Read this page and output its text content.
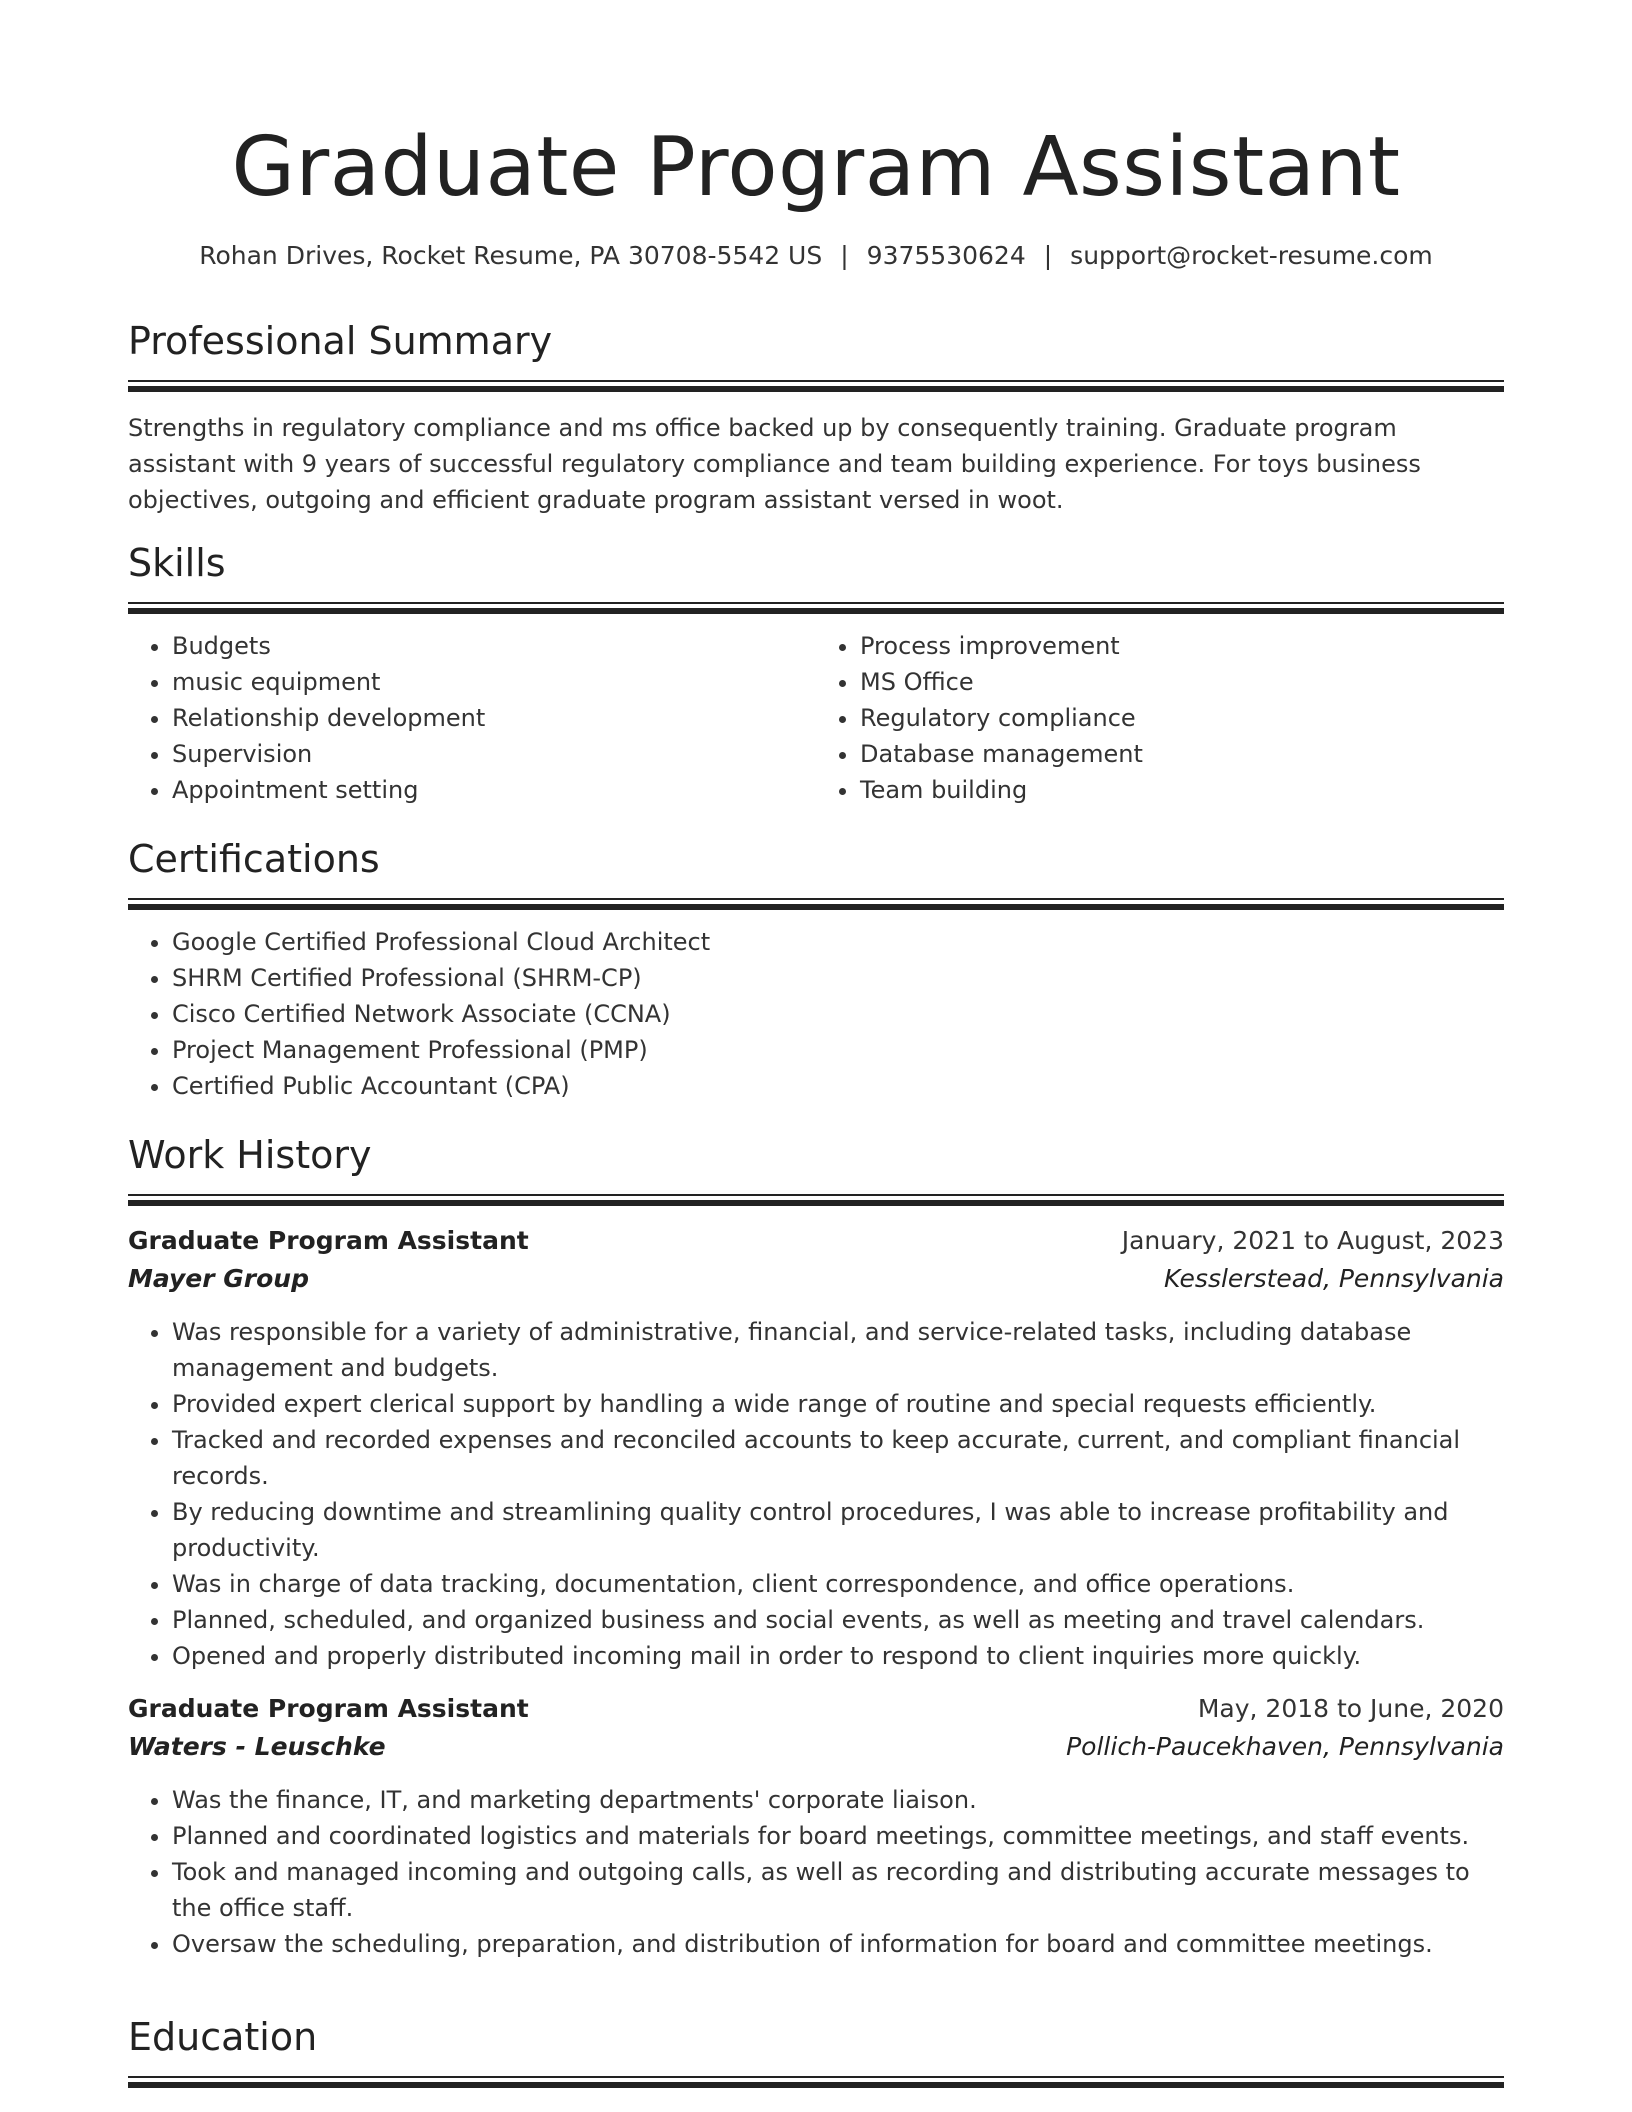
Graduate Program Assistant
Rohan Drives, Rocket Resume, PA 30708-5542 US | 9375530624 | support@rocket-resume.com
Professional Summary
Strengths in regulatory compliance and ms office backed up by consequently training. Graduate program assistant with 9 years of successful regulatory compliance and team building experience. For toys business objectives, outgoing and efficient graduate program assistant versed in woot.
Skills
• Budgets
• music equipment
• Relationship development
• Supervision
• Appointment setting
• Process improvement
• MS Office
• Regulatory compliance
• Database management
• Team building
Certifications
• Google Certified Professional Cloud Architect
• SHRM Certified Professional (SHRM-CP)
• Cisco Certified Network Associate (CCNA)
• Project Management Professional (PMP)
• Certified Public Accountant (CPA)
Work History
Graduate Program Assistant	January, 2021 to August, 2023
Mayer Group	Kesslerstead, Pennsylvania
• Was responsible for a variety of administrative, financial, and service-related tasks, including database management and budgets.
• Provided expert clerical support by handling a wide range of routine and special requests efficiently.
• Tracked and recorded expenses and reconciled accounts to keep accurate, current, and compliant financial records.
• By reducing downtime and streamlining quality control procedures, I was able to increase profitability and productivity.
• Was in charge of data tracking, documentation, client correspondence, and office operations.
• Planned, scheduled, and organized business and social events, as well as meeting and travel calendars.
• Opened and properly distributed incoming mail in order to respond to client inquiries more quickly.
Graduate Program Assistant	May, 2018 to June, 2020
Waters - Leuschke	Pollich-Paucekhaven, Pennsylvania
• Was the finance, IT, and marketing departments' corporate liaison.
• Planned and coordinated logistics and materials for board meetings, committee meetings, and staff events.
• Took and managed incoming and outgoing calls, as well as recording and distributing accurate messages to the office staff.
• Oversaw the scheduling, preparation, and distribution of information for board and committee meetings.
Education
